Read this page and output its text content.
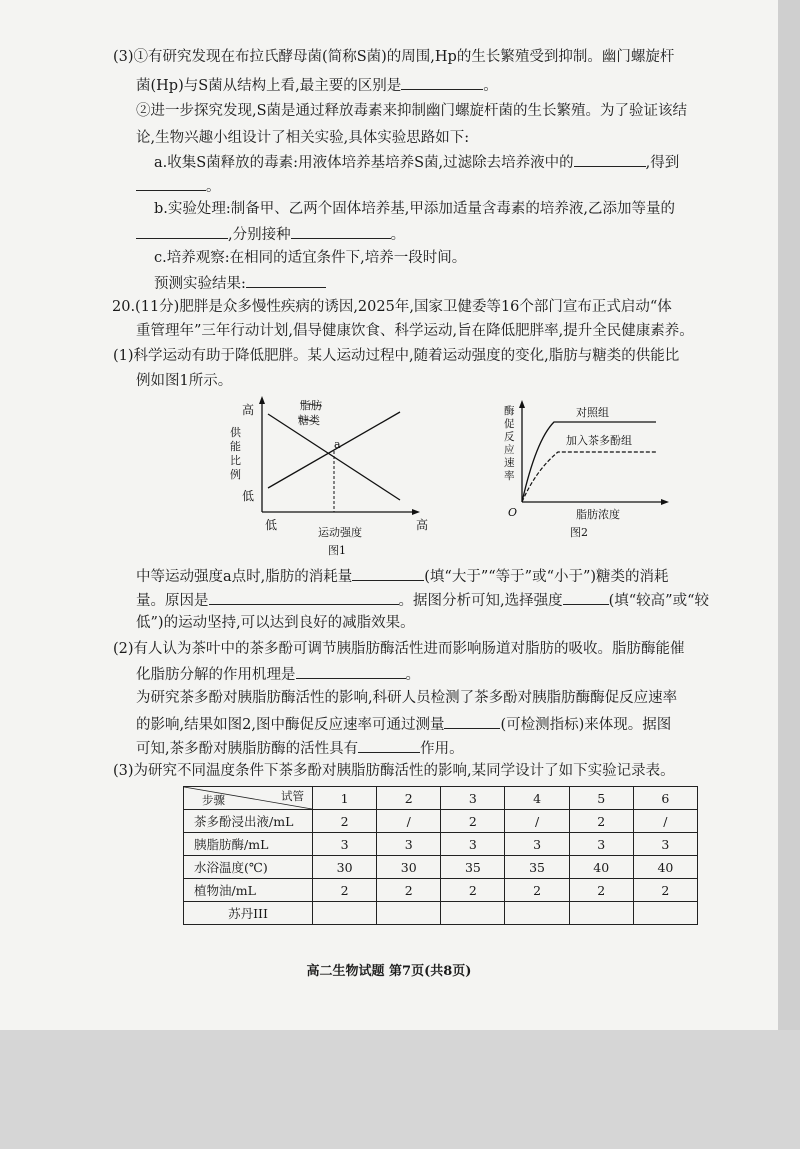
(3)①有研究发现在布拉氏酵母菌(简称S菌)的周围,Hp的生长繁殖受到抑制。幽门螺旋杆
菌(Hp)与S菌从结构上看,最主要的区别是	。
②进一步探究发现,S菌是通过释放毒素来抑制幽门螺旋杆菌的生长繁殖。为了验证该结
论,生物兴趣小组设计了相关实验,具体实验思路如下:
a.收集S菌释放的毒素:用液体培养基培养S菌,过滤除去培养液中的	,得到
。
b.实验处理:制备甲、乙两个固体培养基,甲添加适量含毒素的培养液,乙添加等量的
,分别接种	。
c.培养观察:在相同的适宜条件下,培养一段时间。
预测实验结果:
20.(11分)肥胖是众多慢性疾病的诱因,2025年,国家卫健委等16个部门宣布正式启动“体
重管理年”三年行动计划,倡导健康饮食、科学运动,旨在降低肥胖率,提升全民健康素养。
(1)科学运动有助于降低肥胖。某人运动过程中,随着运动强度的变化,脂肪与糖类的供能比
例如图1所示。
脂肪
糖类
a
高
低
供
能
比
例
低	高
运动强度
图1
对照组
加入茶多酚组
酶
促
反
应
速
率
O	脂肪浓度
图2
中等运动强度a点时,脂肪的消耗量	(填“大于”“等于”或“小于”)糖类的消耗
量。原因是	。据图分析可知,选择强度	(填“较高”或“较
低”)的运动坚持,可以达到良好的减脂效果。
(2)有人认为茶叶中的茶多酚可调节胰脂肪酶活性进而影响肠道对脂肪的吸收。脂肪酶能催
化脂肪分解的作用机理是	。
为研究茶多酚对胰脂肪酶活性的影响,科研人员检测了茶多酚对胰脂肪酶酶促反应速率
的影响,结果如图2,图中酶促反应速率可通过测量	(可检测指标)来体现。据图
可知,茶多酚对胰脂肪酶的活性具有	作用。
(3)为研究不同温度条件下茶多酚对胰脂肪酶活性的影响,某同学设计了如下实验记录表。
试管
步骤	1	2	3	4	5	6
茶多酚浸出液/mL	2	/	2	/	2	/
胰脂肪酶/mL	3	3	3	3	3	3
水浴温度(℃)	30	30	35	35	40	40
植物油/mL	2	2	2	2	2	2
苏丹III						
高二生物试题 第7页(共8页)
